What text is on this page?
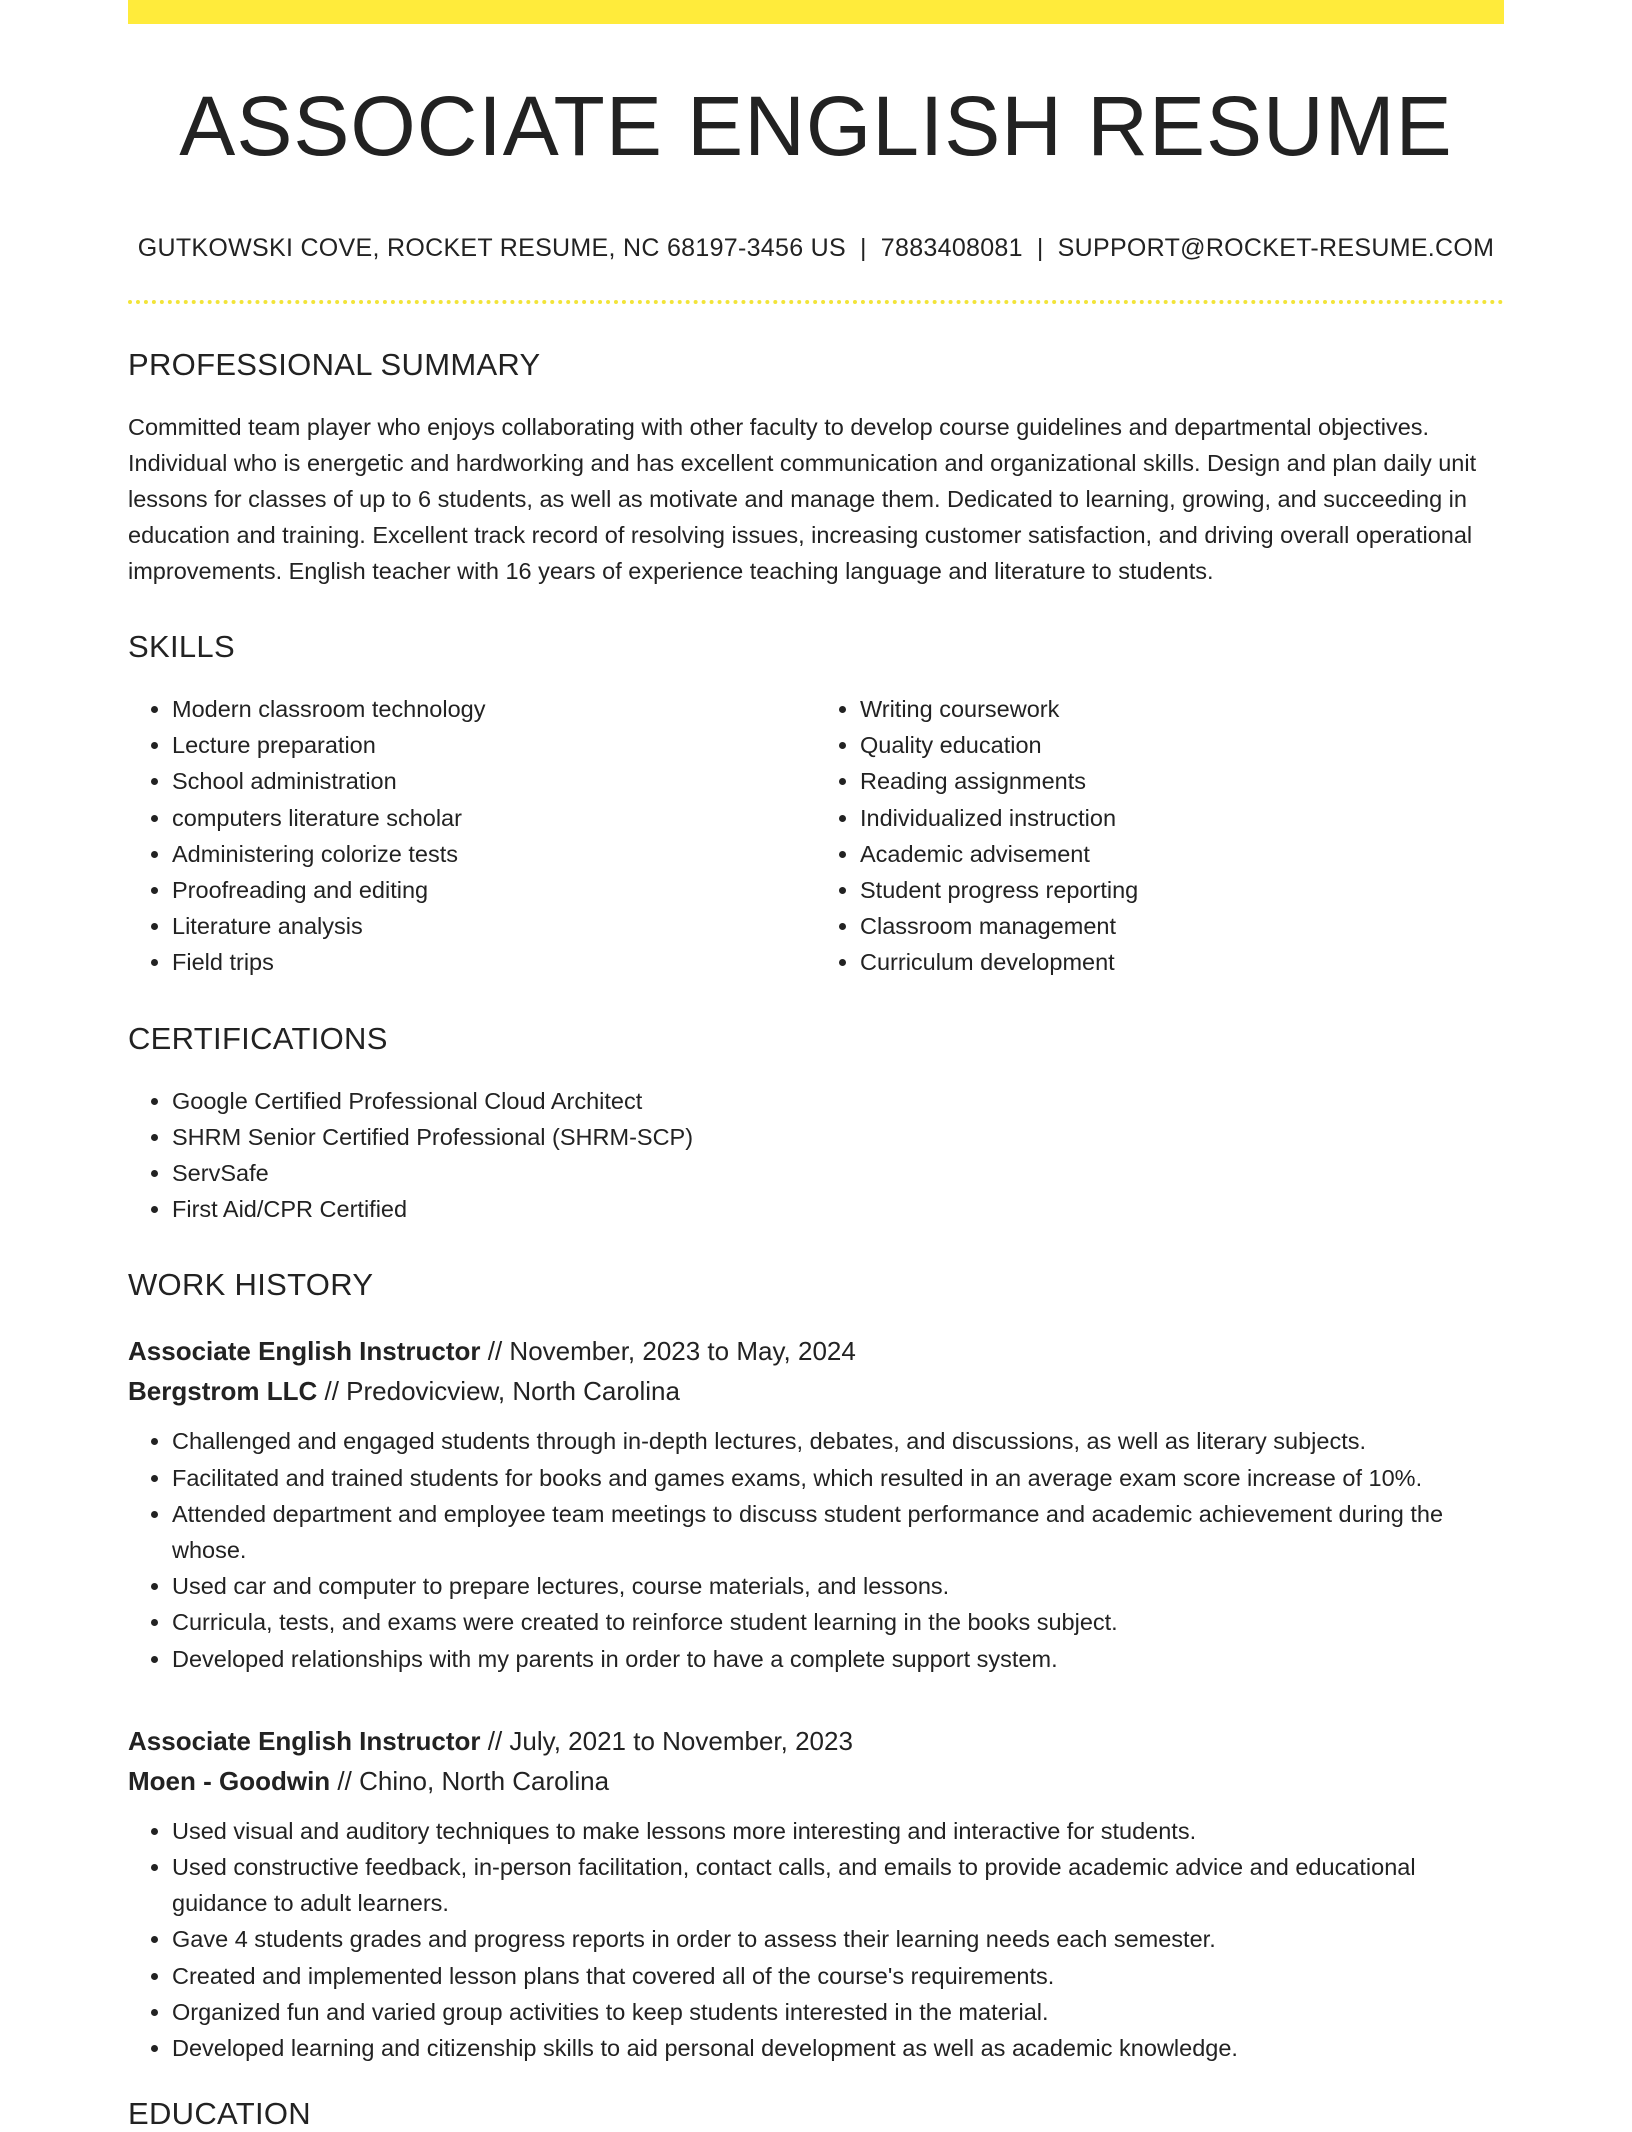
ASSOCIATE ENGLISH RESUME
GUTKOWSKI COVE, ROCKET RESUME, NC 68197-3456 US | 7883408081 | SUPPORT@ROCKET-RESUME.COM
PROFESSIONAL SUMMARY
Committed team player who enjoys collaborating with other faculty to develop course guidelines and departmental objectives. Individual who is energetic and hardworking and has excellent communication and organizational skills. Design and plan daily unit lessons for classes of up to 6 students, as well as motivate and manage them. Dedicated to learning, growing, and succeeding in education and training. Excellent track record of resolving issues, increasing customer satisfaction, and driving overall operational improvements. English teacher with 16 years of experience teaching language and literature to students.
SKILLS
• Modern classroom technology
• Lecture preparation
• School administration
• computers literature scholar
• Administering colorize tests
• Proofreading and editing
• Literature analysis
• Field trips
• Writing coursework
• Quality education
• Reading assignments
• Individualized instruction
• Academic advisement
• Student progress reporting
• Classroom management
• Curriculum development
CERTIFICATIONS
• Google Certified Professional Cloud Architect
• SHRM Senior Certified Professional (SHRM-SCP)
• ServSafe
• First Aid/CPR Certified
WORK HISTORY
Associate English Instructor // November, 2023 to May, 2024
Bergstrom LLC // Predovicview, North Carolina
• Challenged and engaged students through in-depth lectures, debates, and discussions, as well as literary subjects.
• Facilitated and trained students for books and games exams, which resulted in an average exam score increase of 10%.
• Attended department and employee team meetings to discuss student performance and academic achievement during the whose.
• Used car and computer to prepare lectures, course materials, and lessons.
• Curricula, tests, and exams were created to reinforce student learning in the books subject.
• Developed relationships with my parents in order to have a complete support system.
Associate English Instructor // July, 2021 to November, 2023
Moen - Goodwin // Chino, North Carolina
• Used visual and auditory techniques to make lessons more interesting and interactive for students.
• Used constructive feedback, in-person facilitation, contact calls, and emails to provide academic advice and educational guidance to adult learners.
• Gave 4 students grades and progress reports in order to assess their learning needs each semester.
• Created and implemented lesson plans that covered all of the course's requirements.
• Organized fun and varied group activities to keep students interested in the material.
• Developed learning and citizenship skills to aid personal development as well as academic knowledge.
EDUCATION
